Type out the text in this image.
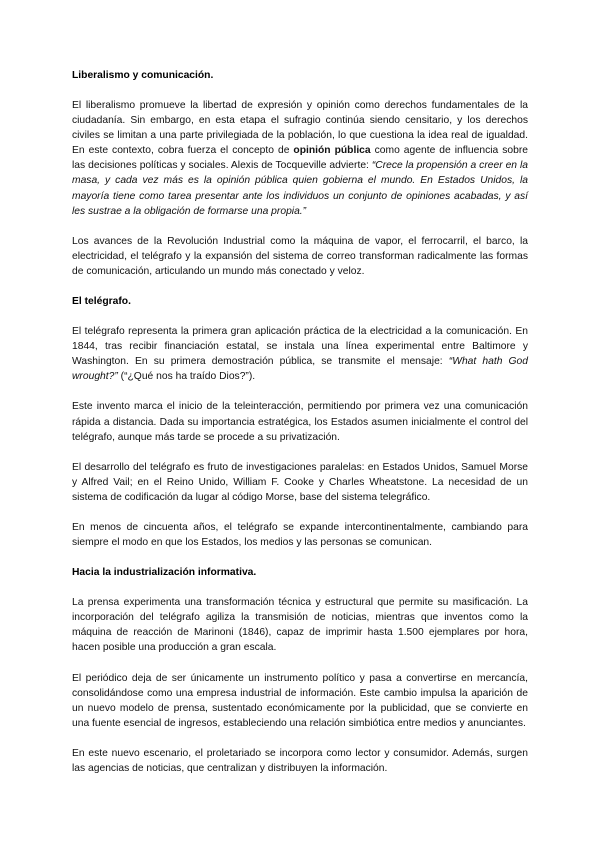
Liberalismo y comunicación.

El liberalismo promueve la libertad de expresión y opinión como derechos fundamentales de la ciudadanía. Sin embargo, en esta etapa el sufragio continúa siendo censitario, y los derechos civiles se limitan a una parte privilegiada de la población, lo que cuestiona la idea real de igualdad. En este contexto, cobra fuerza el concepto de opinión pública como agente de influencia sobre las decisiones políticas y sociales. Alexis de Tocqueville advierte: “Crece la propensión a creer en la masa, y cada vez más es la opinión pública quien gobierna el mundo. En Estados Unidos, la mayoría tiene como tarea presentar ante los individuos un conjunto de opiniones acabadas, y así les sustrae a la obligación de formarse una propia.”

Los avances de la Revolución Industrial como la máquina de vapor, el ferrocarril, el barco, la electricidad, el telégrafo y la expansión del sistema de correo transforman radicalmente las formas de comunicación, articulando un mundo más conectado y veloz.

El telégrafo.

El telégrafo representa la primera gran aplicación práctica de la electricidad a la comunicación. En 1844, tras recibir financiación estatal, se instala una línea experimental entre Baltimore y Washington. En su primera demostración pública, se transmite el mensaje: “What hath God wrought?” (“¿Qué nos ha traído Dios?”).

Este invento marca el inicio de la teleinteracción, permitiendo por primera vez una comunicación rápida a distancia. Dada su importancia estratégica, los Estados asumen inicialmente el control del telégrafo, aunque más tarde se procede a su privatización.

El desarrollo del telégrafo es fruto de investigaciones paralelas: en Estados Unidos, Samuel Morse y Alfred Vail; en el Reino Unido, William F. Cooke y Charles Wheatstone. La necesidad de un sistema de codificación da lugar al código Morse, base del sistema telegráfico.

En menos de cincuenta años, el telégrafo se expande intercontinentalmente, cambiando para siempre el modo en que los Estados, los medios y las personas se comunican.

Hacia la industrialización informativa.

La prensa experimenta una transformación técnica y estructural que permite su masificación. La incorporación del telégrafo agiliza la transmisión de noticias, mientras que inventos como la máquina de reacción de Marinoni (1846), capaz de imprimir hasta 1.500 ejemplares por hora, hacen posible una producción a gran escala.

El periódico deja de ser únicamente un instrumento político y pasa a convertirse en mercancía, consolidándose como una empresa industrial de información. Este cambio impulsa la aparición de un nuevo modelo de prensa, sustentado económicamente por la publicidad, que se convierte en una fuente esencial de ingresos, estableciendo una relación simbiótica entre medios y anunciantes.

En este nuevo escenario, el proletariado se incorpora como lector y consumidor. Además, surgen las agencias de noticias, que centralizan y distribuyen la información.
